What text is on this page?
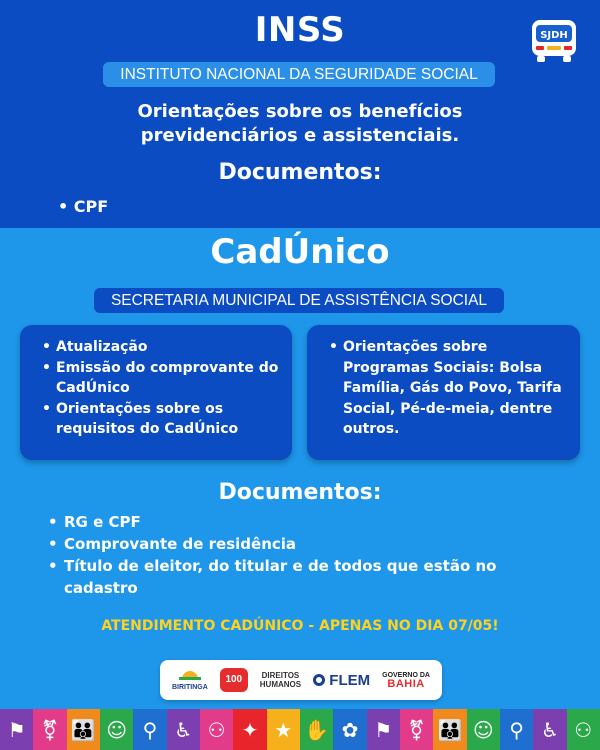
INSS
INSTITUTO NACIONAL DA SEGURIDADE SOCIAL
Orientações sobre os benefícios
previdenciários e assistenciais.
Documentos:
• CPF
SJDH
CadÚnico
SECRETARIA MUNICIPAL DE ASSISTÊNCIA SOCIAL
• Atualização
• Emissão do comprovante do CadÚnico
• Orientações sobre os requisitos do CadÚnico
• Orientações sobre Programas Sociais: Bolsa Família, Gás do Povo, Tarifa Social, Pé-de-meia, dentre outros.
Documentos:
• RG e CPF
• Comprovante de residência
• Título de eleitor, do titular e de todos que estão no cadastro
ATENDIMENTO CADÚNICO - APENAS NO DIA 07/05!
BIRITINGA
100	DIREITOS
HUMANOS	FLEM GOVERNO DA
BAHIA
⚑ ⚧ 👪 ☺ ⚲ ♿ ⚇ ✦ ★ ✋ ✿ ⚑ ⚧ 👪 ☺ ⚲ ♿ ⚇
